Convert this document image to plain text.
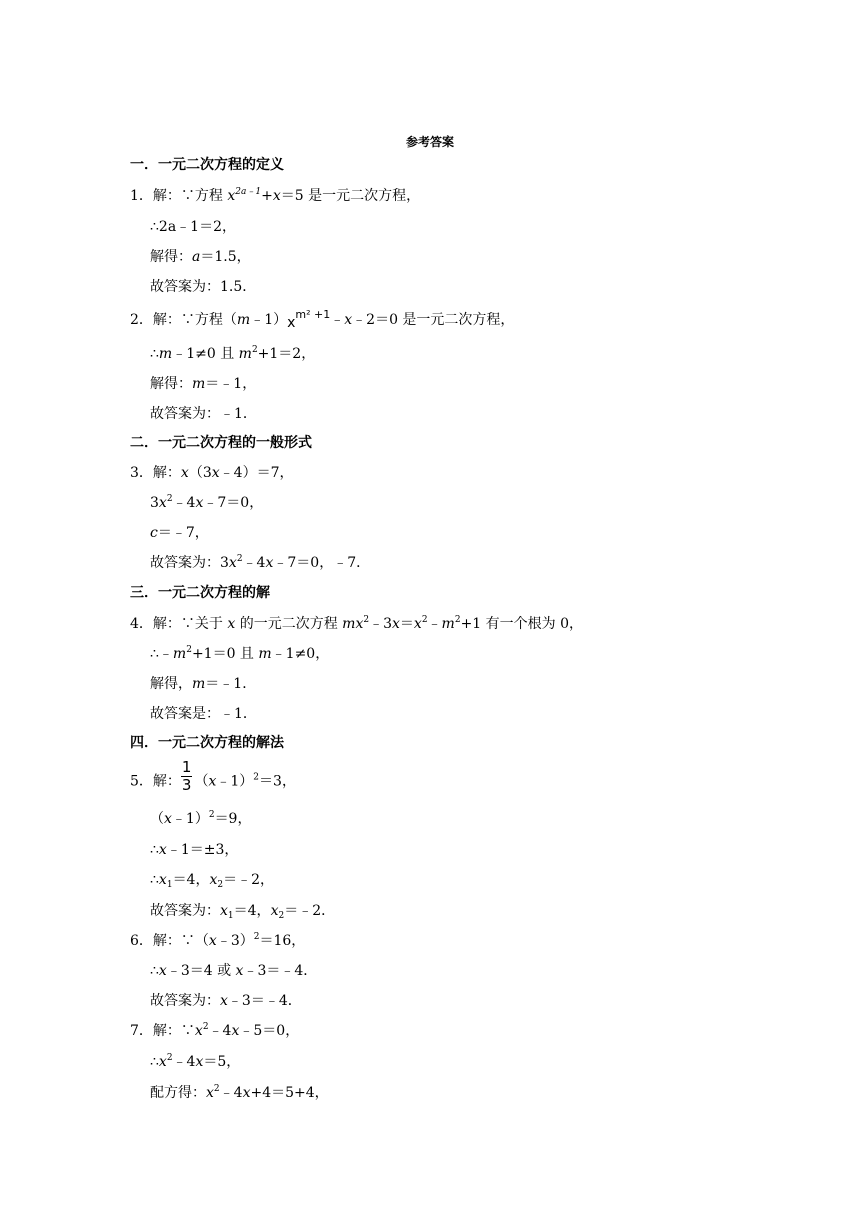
参考答案
一．一元二次方程的定义
1．解：∵方程 $x^{2a﹣1}+x=5$ 是一元二次方程，
∴2a﹣1＝2，
解得：a＝1.5，
故答案为：1.5．
2．解：∵方程$(m﹣1)x^{m^2 +1}﹣x﹣2=0$ 是一元二次方程，
∴m﹣1≠0 且 $m^2+1=2$，
解得：m＝﹣1，
故答案为：﹣1．
二．一元二次方程的一般形式
3．解：x（3x﹣4）＝7，
$3x^2﹣4x﹣7=0$，
c＝﹣7，
故答案为：$3x^2﹣4x﹣7=0$，﹣7．
三．一元二次方程的解
4．解：∵关于 x 的一元二次方程 $mx^2﹣3x=x^2﹣m^2+1$ 有一个根为 0，
$\therefore﹣m^2+1=0$ 且 m﹣1≠0，
解得，m＝﹣1．
故答案是：﹣1．
四．一元二次方程的解法
5．解： $\frac{1}{3}$ （x﹣1）$^2$＝3，
（x﹣1）$^2$＝9，
∴x﹣1＝±3，
$\therefore x_1=4$，$x_2=﹣2$，
故答案为：$x_1=4$，$x_2=﹣2$．
6．解：∵（x﹣3）$^2$＝16，
∴x﹣3＝4 或 x﹣3＝﹣4．
故答案为：x﹣3＝﹣4．
7．解：$\because x^2﹣4x﹣5=0$，
$\therefore x^2﹣4x=5$，
配方得：$x^2﹣4x+4=5+4$，
